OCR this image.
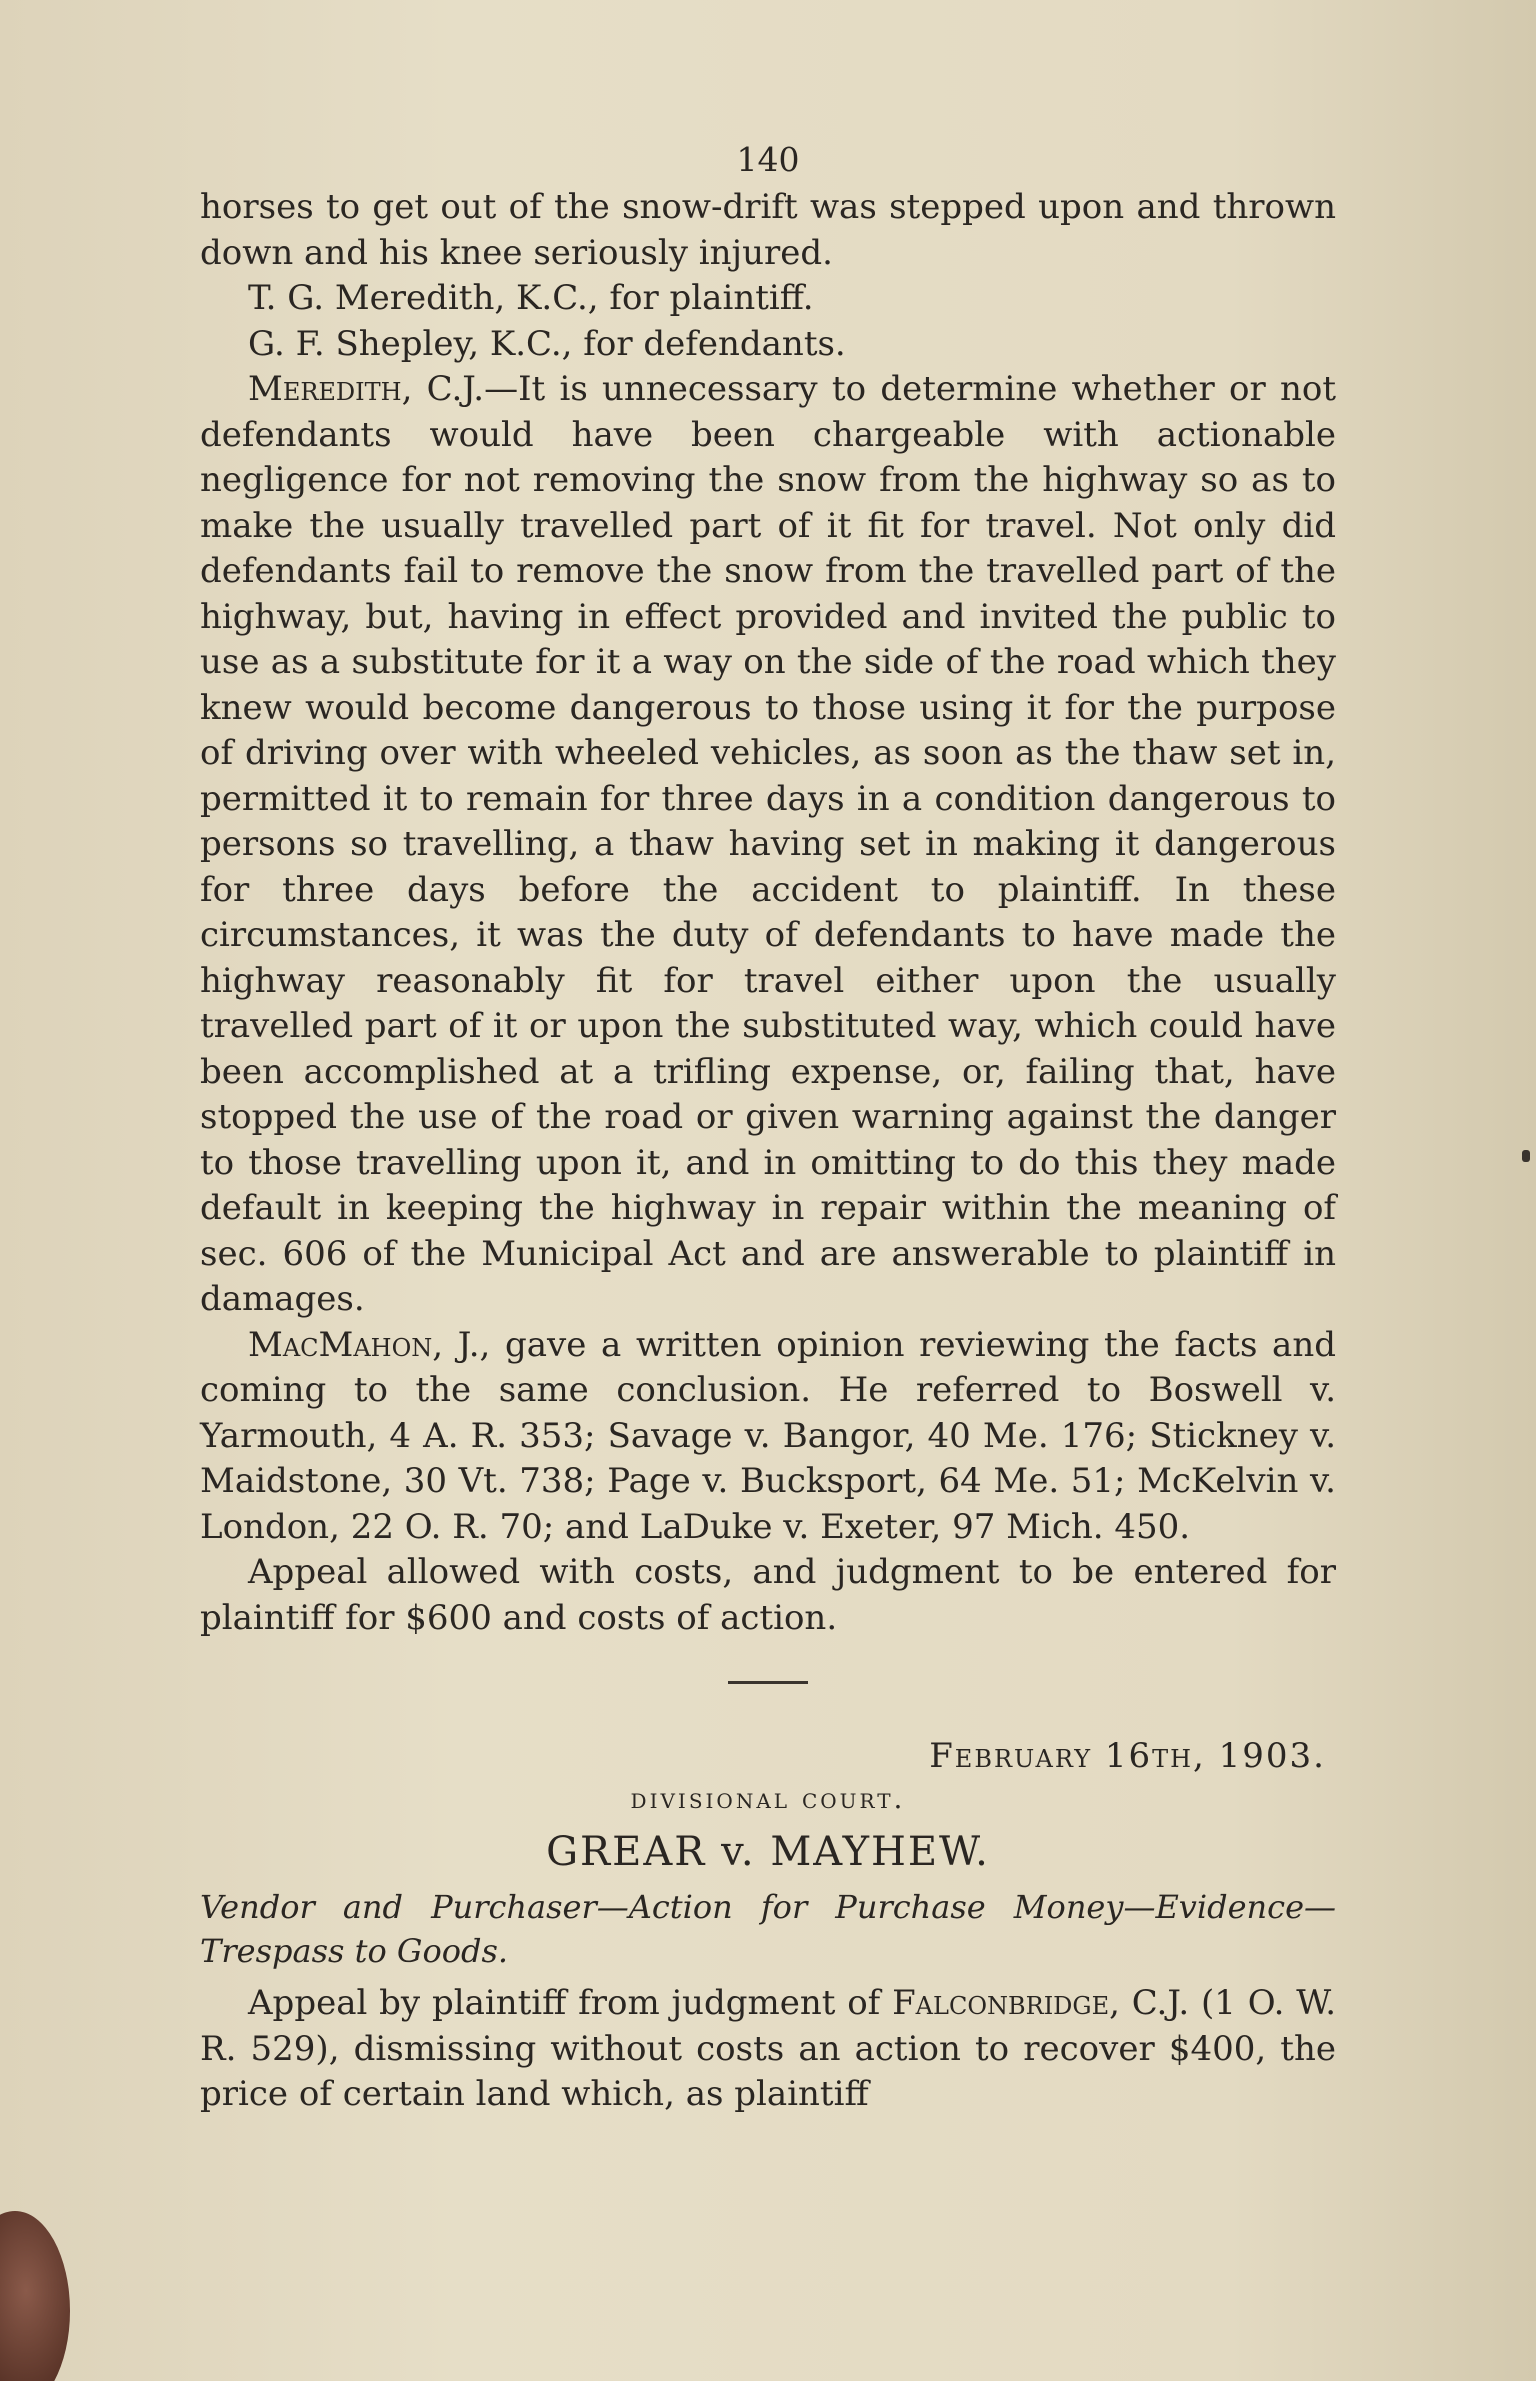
140

horses to get out of the snow-drift was stepped upon and thrown down and his knee seriously injured.

T. G. Meredith, K.C., for plaintiff.

G. F. Shepley, K.C., for defendants.

Meredith, C.J.—It is unnecessary to determine whether or not defendants would have been chargeable with actionable negligence for not removing the snow from the highway so as to make the usually travelled part of it fit for travel. Not only did defendants fail to remove the snow from the travelled part of the highway, but, having in effect provided and invited the public to use as a substitute for it a way on the side of the road which they knew would become dangerous to those using it for the purpose of driving over with wheeled vehicles, as soon as the thaw set in, permitted it to remain for three days in a condition dangerous to persons so travelling, a thaw having set in making it dangerous for three days before the accident to plaintiff. In these circumstances, it was the duty of defendants to have made the highway reasonably fit for travel either upon the usually travelled part of it or upon the substituted way, which could have been accomplished at a trifling expense, or, failing that, have stopped the use of the road or given warning against the danger to those travelling upon it, and in omitting to do this they made default in keeping the highway in repair within the meaning of sec. 606 of the Municipal Act and are answerable to plaintiff in damages.

MacMahon, J., gave a written opinion reviewing the facts and coming to the same conclusion. He referred to Boswell v. Yarmouth, 4 A. R. 353; Savage v. Bangor, 40 Me. 176; Stickney v. Maidstone, 30 Vt. 738; Page v. Bucksport, 64 Me. 51; McKelvin v. London, 22 O. R. 70; and LaDuke v. Exeter, 97 Mich. 450.

Appeal allowed with costs, and judgment to be entered for plaintiff for $600 and costs of action.

February 16th, 1903.
divisional court.
GREAR v. MAYHEW.

Vendor and Purchaser—Action for Purchase Money—Evidence—Trespass to Goods.

Appeal by plaintiff from judgment of Falconbridge, C.J. (1 O. W. R. 529), dismissing without costs an action to recover $400, the price of certain land which, as plaintiff
